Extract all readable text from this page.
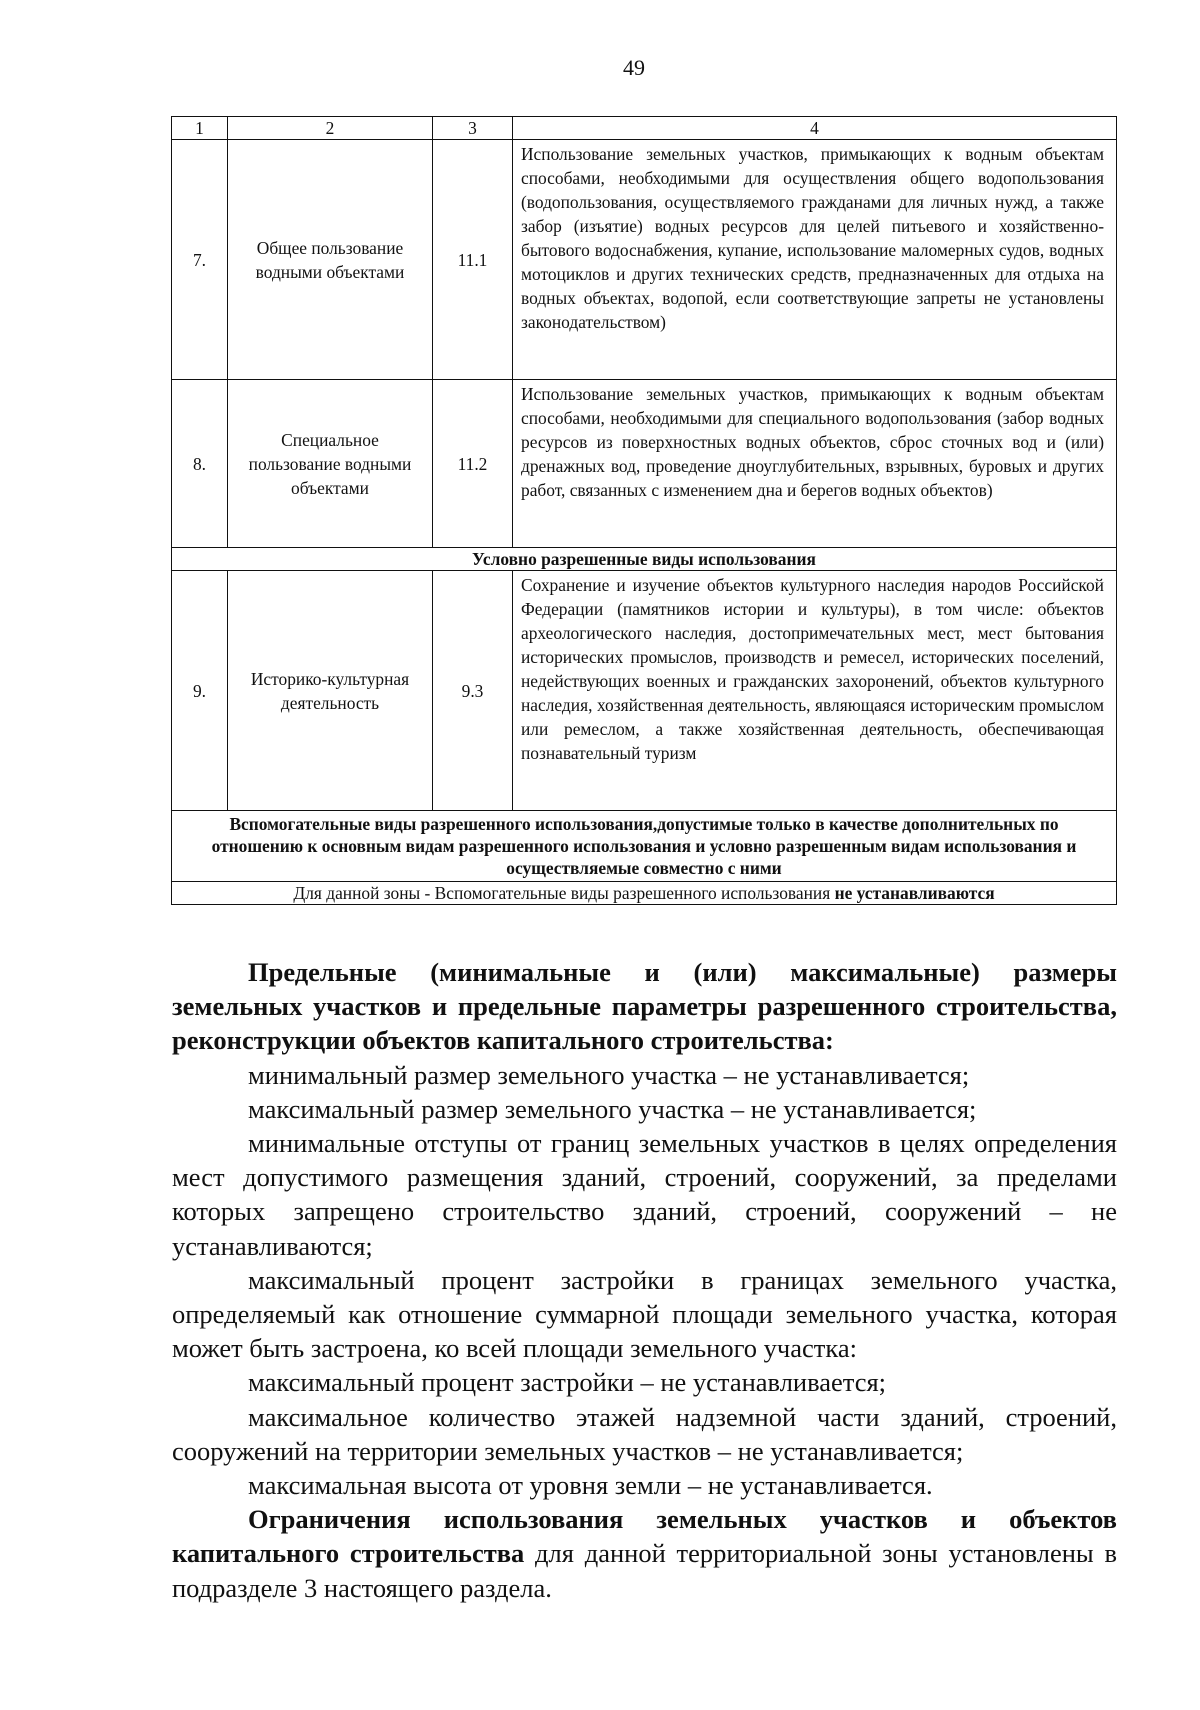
49
1	2	3	4
7.	Общее пользование водными объектами	11.1	Использование земельных участков, примыкающих к водным объектам способами, необходимыми для осуществления общего водопользования (водопользования, осуществляемого гражданами для личных нужд, а также забор (изъятие) водных ресурсов для целей питьевого и хозяйственно-бытового водоснабжения, купание, использование маломерных судов, водных мотоциклов и других технических средств, предназначенных для отдыха на водных объектах, водопой, если соответствующие запреты не установлены законодательством)
8.	Специальное пользование водными объектами	11.2	Использование земельных участков, примыкающих к водным объектам способами, необходимыми для специального водопользования (забор водных ресурсов из поверхностных водных объектов, сброс сточных вод и (или) дренажных вод, проведение дноуглубительных, взрывных, буровых и других работ, связанных с изменением дна и берегов водных объектов)
Условно разрешенные виды использования			
9.	Историко-культурная деятельность	9.3	Сохранение и изучение объектов культурного наследия народов Российской Федерации (памятников истории и культуры), в том числе: объектов археологического наследия, достопримечательных мест, мест бытования исторических промыслов, производств и ремесел, исторических поселений, недействующих военных и гражданских захоронений, объектов культурного наследия, хозяйственная деятельность, являющаяся историческим промыслом или ремеслом, а также хозяйственная деятельность, обеспечивающая познавательный туризм
Вспомогательные виды разрешенного использования,допустимые только в качестве дополнительных по отношению к основным видам разрешенного использования и условно разрешенным видам использования и осуществляемые совместно с ними			
Для данной зоны - Вспомогательные виды разрешенного использования не устанавливаются			

Предельные (минимальные и (или) максимальные) размеры земельных участков и предельные параметры разрешенного строительства, реконструкции объектов капитального строительства:

минимальный размер земельного участка – не устанавливается;

максимальный размер земельного участка – не устанавливается;

минимальные отступы от границ земельных участков в целях определения мест допустимого размещения зданий, строений, сооружений, за пределами которых запрещено строительство зданий, строений, сооружений – не устанавливаются;

максимальный процент застройки в границах земельного участка, определяемый как отношение суммарной площади земельного участка, которая может быть застроена, ко всей площади земельного участка:

максимальный процент застройки – не устанавливается;

максимальное количество этажей надземной части зданий, строений, сооружений на территории земельных участков – не устанавливается;

максимальная высота от уровня земли – не устанавливается.

Ограничения использования земельных участков и объектов капитального строительства для данной территориальной зоны установлены в подразделе 3 настоящего раздела.
